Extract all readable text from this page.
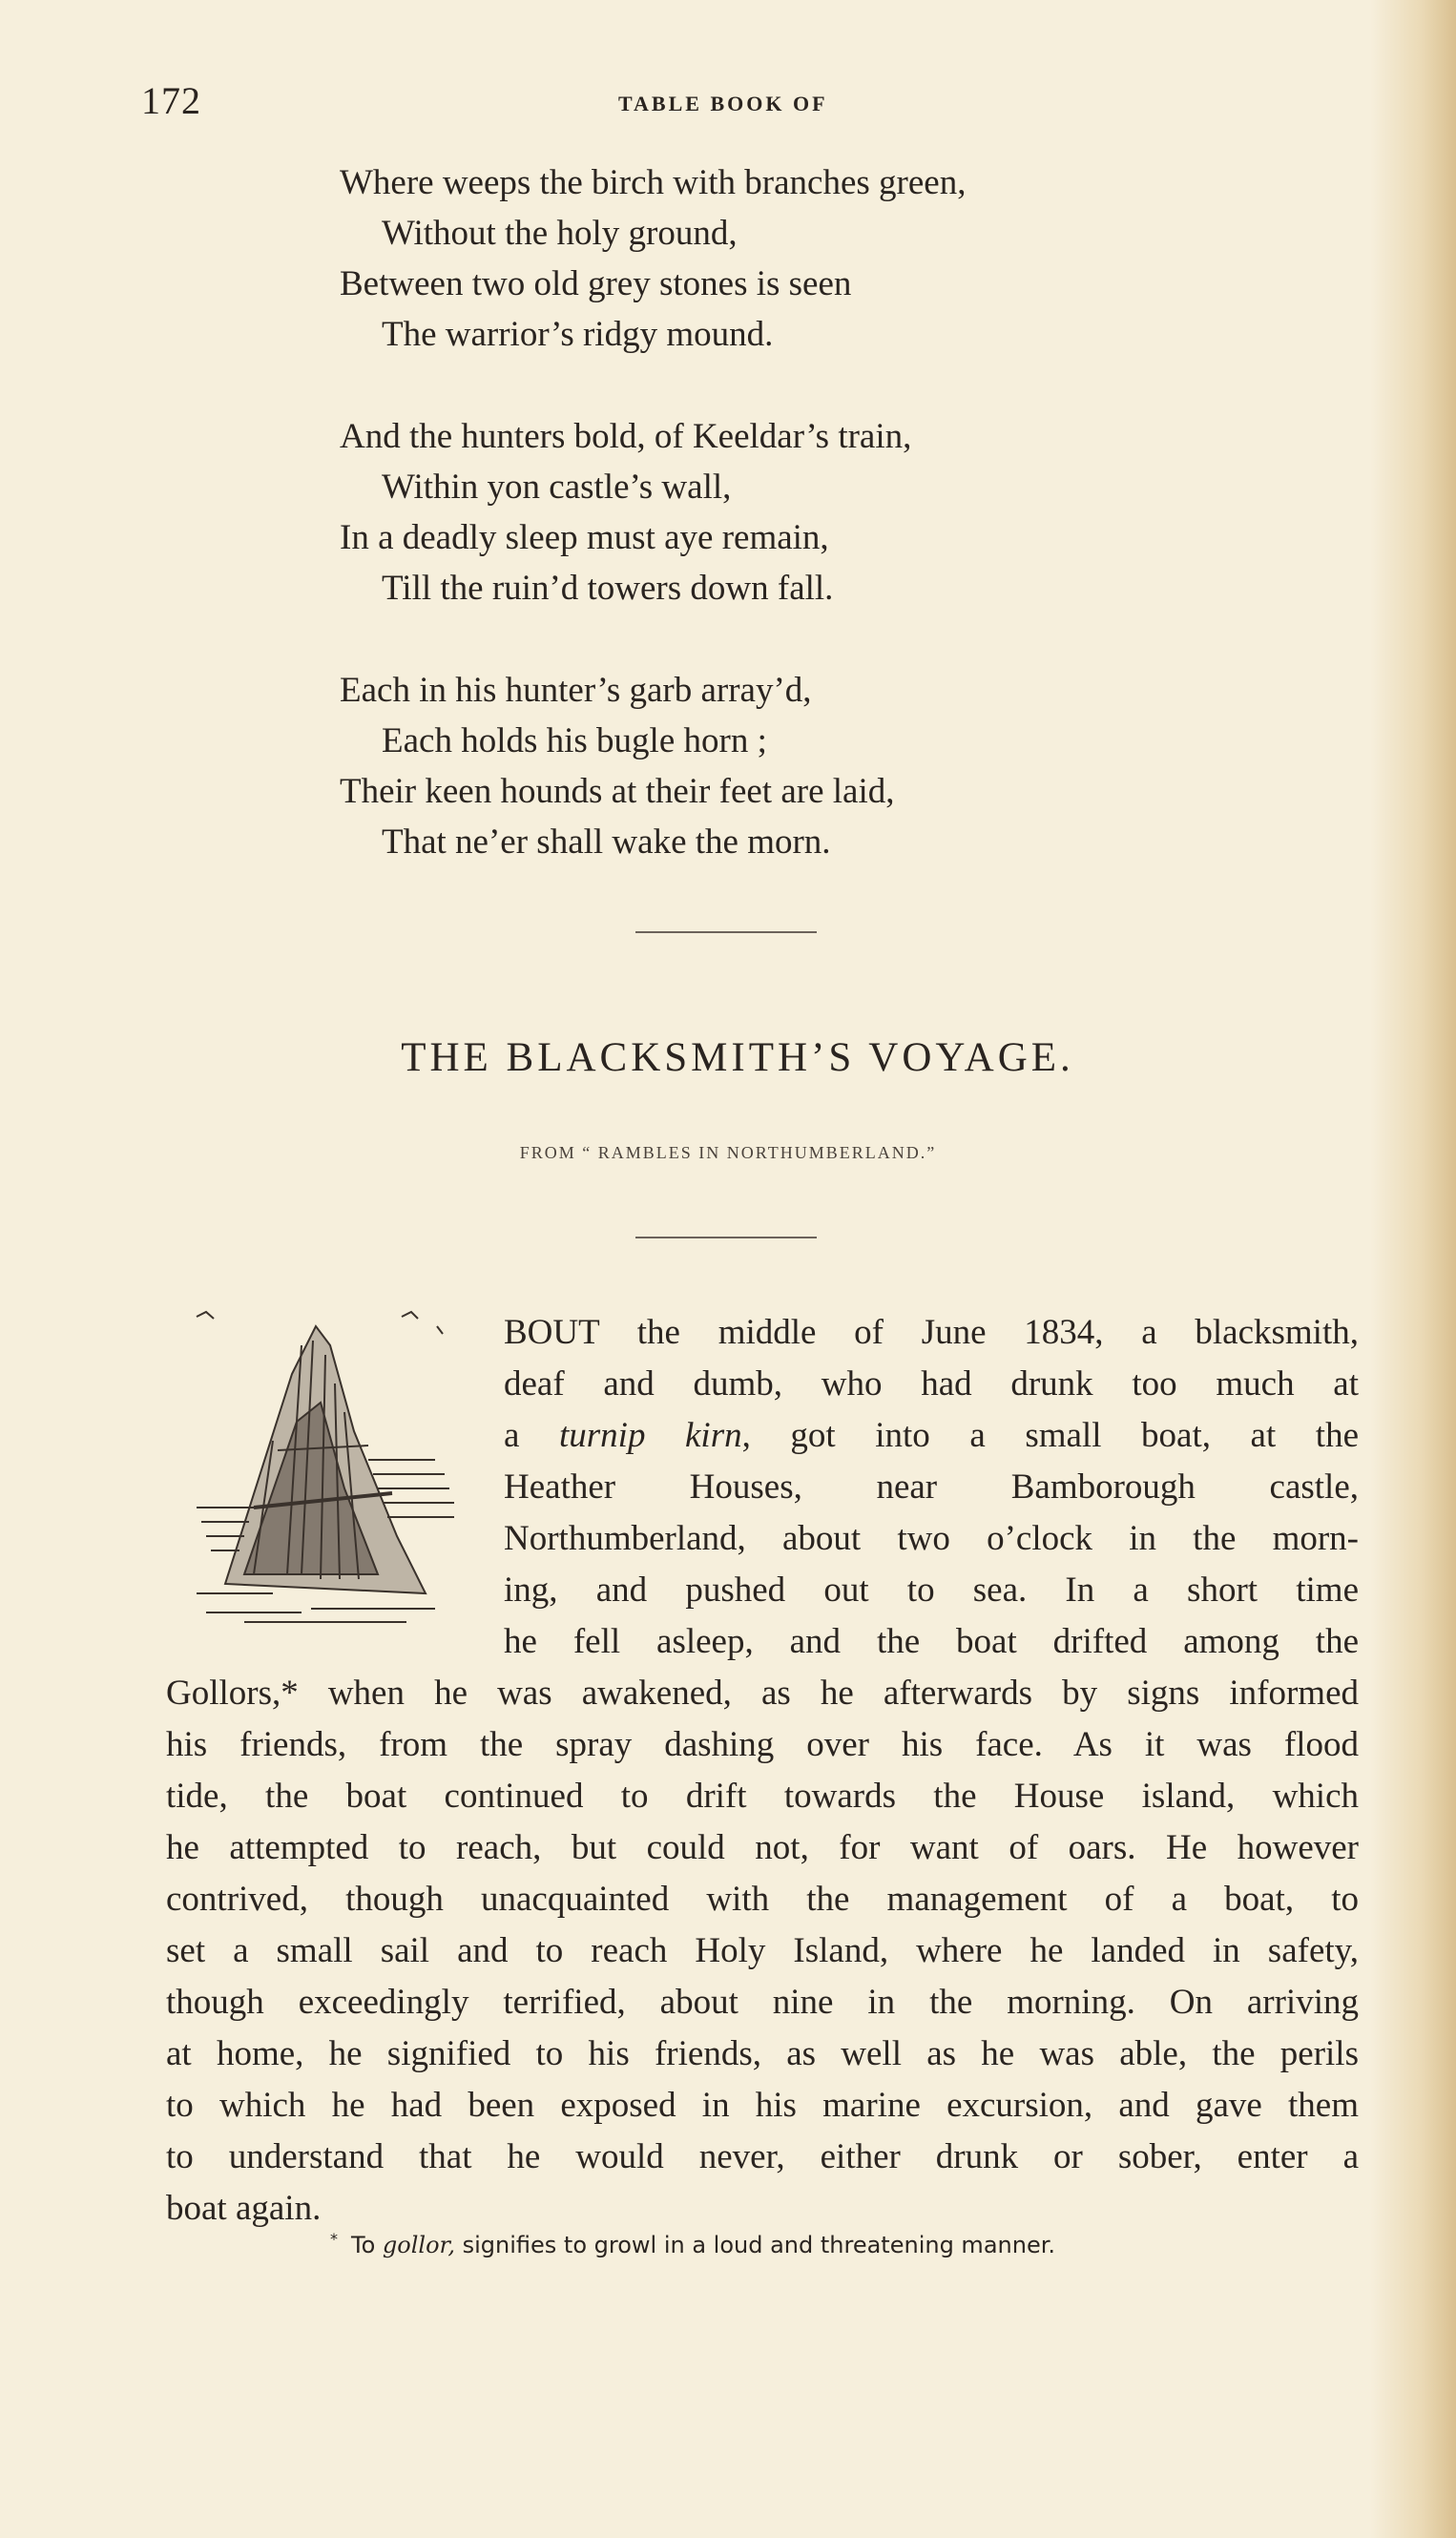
172	TABLE BOOK OF
Where weeps the birch with branches green,
Without the holy ground,
Between two old grey stones is seen
The warrior’s ridgy mound.
And the hunters bold, of Keeldar’s train,
Within yon castle’s wall,
In a deadly sleep must aye remain,
Till the ruin’d towers down fall.
Each in his hunter’s garb array’d,
Each holds his bugle horn ;
Their keen hounds at their feet are laid,
That ne’er shall wake the morn.
THE BLACKSMITH’S VOYAGE.
FROM “ RAMBLES IN NORTHUMBERLAND.”
BOUT the middle of June 1834, a blacksmith,
deaf and dumb, who had drunk too much at
a turnip kirn, got into a small boat, at the
Heather Houses, near Bamborough castle,
Northumberland, about two o’clock in the morn-
ing, and pushed out to sea. In a short time
he fell asleep, and the boat drifted among the
Gollors,* when he was awakened, as he afterwards by signs informed
his friends, from the spray dashing over his face. As it was flood
tide, the boat continued to drift towards the House island, which
he attempted to reach, but could not, for want of oars. He however
contrived, though unacquainted with the management of a boat, to
set a small sail and to reach Holy Island, where he landed in safety,
though exceedingly terrified, about nine in the morning. On arriving
at home, he signified to his friends, as well as he was able, the perils
to which he had been exposed in his marine excursion, and gave them
to understand that he would never, either drunk or sober, enter a
boat again.
* To gollor, signifies to growl in a loud and threatening manner.
